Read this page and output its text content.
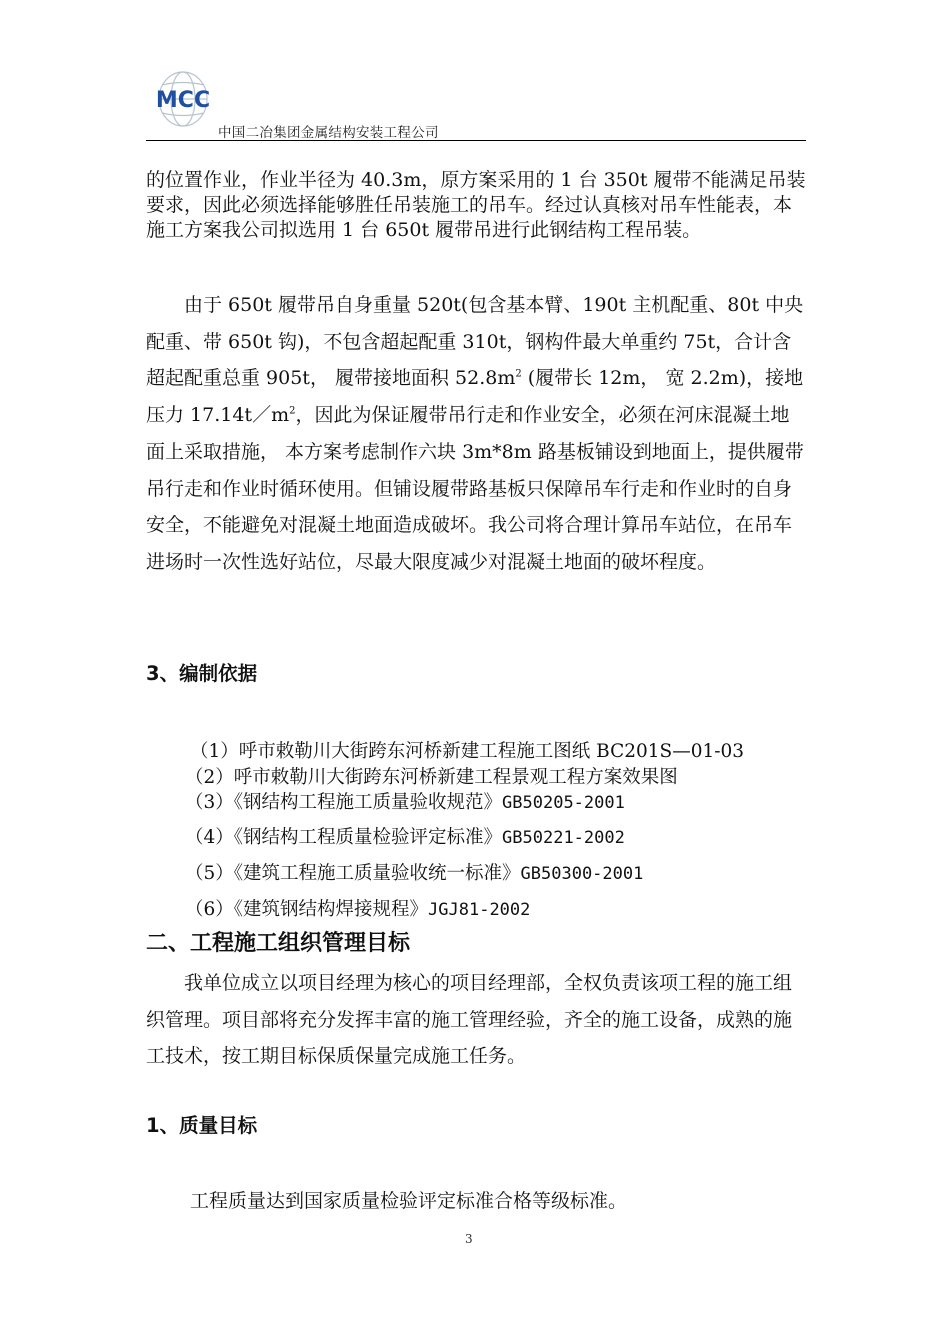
MCC
中国二冶集团金属结构安装工程公司

的位置作业，作业半径为 40.3m，原方案采用的 1 台 350t 履带不能满足吊装要求，因此必须选择能够胜任吊装施工的吊车。经过认真核对吊车性能表，本施工方案我公司拟选用 1 台 650t 履带吊进行此钢结构工程吊装。

由于 650t 履带吊自身重量 520t(包含基本臂、190t 主机配重、80t 中央配重、带 650t 钩)，不包含超起配重 310t，钢构件最大单重约 75t，合计含超起配重总重 905t， 履带接地面积 $52.8m^2$ (履带长 12m， 宽 2.2m)，接地压力 $17.14t/m^2$，因此为保证履带吊行走和作业安全，必须在河床混凝土地面上采取措施， 本方案考虑制作六块 3m*8m 路基板铺设到地面上，提供履带吊行走和作业时循环使用。但铺设履带路基板只保障吊车行走和作业时的自身安全，不能避免对混凝土地面造成破坏。我公司将合理计算吊车站位，在吊车进场时一次性选好站位，尽最大限度减少对混凝土地面的破坏程度。

3、编制依据
（1）呼市敕勒川大街跨东河桥新建工程施工图纸 BC201S—01-03
（2）呼市敕勒川大街跨东河桥新建工程景观工程方案效果图
（3）《钢结构工程施工质量验收规范》GB50205-2001
（4）《钢结构工程质量检验评定标准》GB50221-2002
（5）《建筑工程施工质量验收统一标准》GB50300-2001
（6）《建筑钢结构焊接规程》JGJ81-2002
二、工程施工组织管理目标

我单位成立以项目经理为核心的项目经理部，全权负责该项工程的施工组织管理。项目部将充分发挥丰富的施工管理经验，齐全的施工设备，成熟的施工技术，按工期目标保质保量完成施工任务。

1、质量目标

工程质量达到国家质量检验评定标准合格等级标准。

3
